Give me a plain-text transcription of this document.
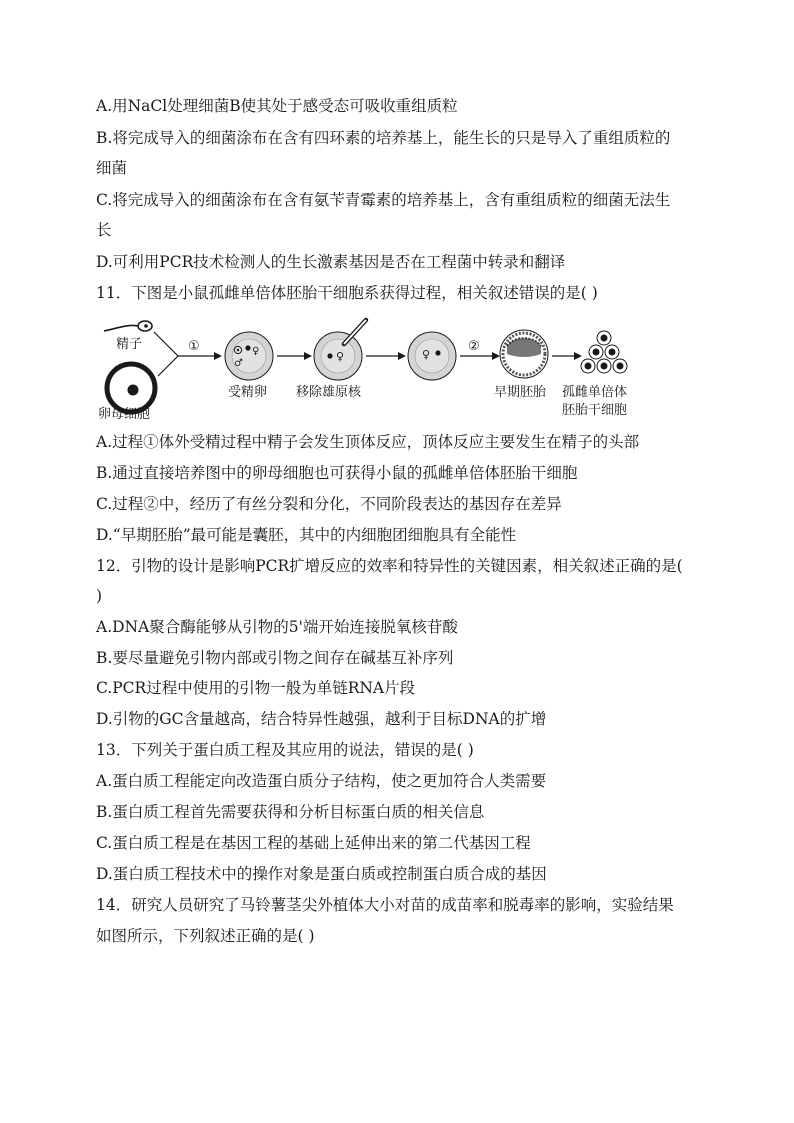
A.用NaCl处理细菌B使其处于感受态可吸收重组质粒
B.将完成导入的细菌涂布在含有四环素的培养基上，能生长的只是导入了重组质粒的
细菌
C.将完成导入的细菌涂布在含有氨苄青霉素的培养基上，含有重组质粒的细菌无法生
长
D.可利用PCR技术检测人的生长激素基因是否在工程菌中转录和翻译
11．下图是小鼠孤雌单倍体胚胎干细胞系获得过程，相关叙述错误的是( )
精子
卵母细胞
①	♀
♂
受精卵
♀
移除雄原核
♀
②
早期胚胎 孤雌单倍体
胚胎干细胞
A.过程①体外受精过程中精子会发生顶体反应，顶体反应主要发生在精子的头部
B.通过直接培养图中的卵母细胞也可获得小鼠的孤雌单倍体胚胎干细胞
C.过程②中，经历了有丝分裂和分化，不同阶段表达的基因存在差异
D.“早期胚胎”最可能是囊胚，其中的内细胞团细胞具有全能性
12．引物的设计是影响PCR扩增反应的效率和特异性的关键因素，相关叙述正确的是(
)
A.DNA聚合酶能够从引物的5'端开始连接脱氧核苷酸
B.要尽量避免引物内部或引物之间存在碱基互补序列
C.PCR过程中使用的引物一般为单链RNA片段
D.引物的GC含量越高，结合特异性越强，越利于目标DNA的扩增
13．下列关于蛋白质工程及其应用的说法，错误的是( )
A.蛋白质工程能定向改造蛋白质分子结构，使之更加符合人类需要
B.蛋白质工程首先需要获得和分析目标蛋白质的相关信息
C.蛋白质工程是在基因工程的基础上延伸出来的第二代基因工程
D.蛋白质工程技术中的操作对象是蛋白质或控制蛋白质合成的基因
14．研究人员研究了马铃薯茎尖外植体大小对苗的成苗率和脱毒率的影响，实验结果
如图所示，下列叙述正确的是( )
